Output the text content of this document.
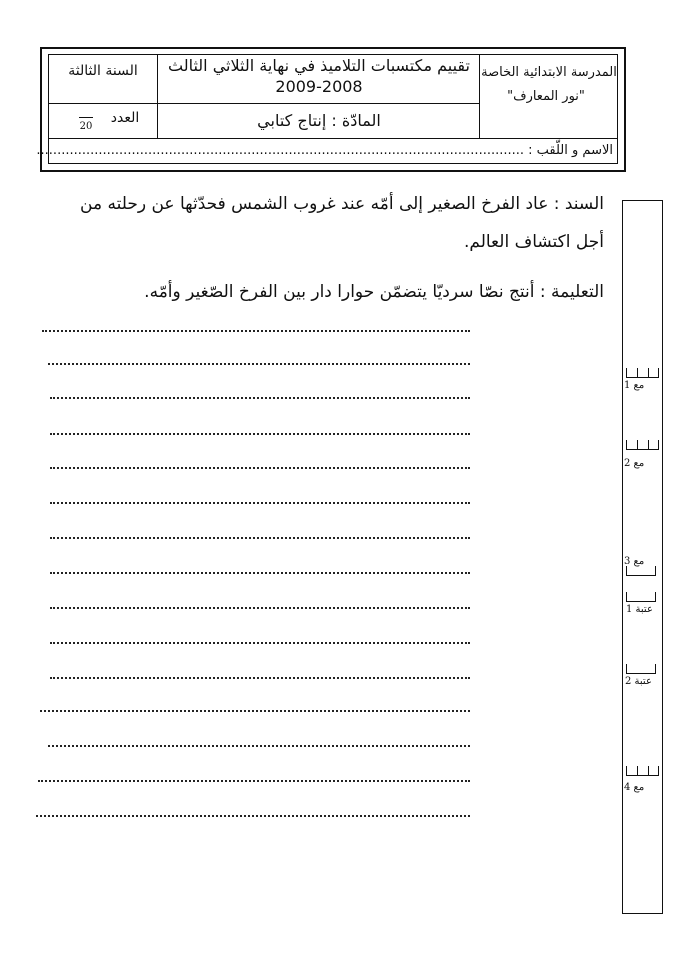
المدرسة الابتدائية الخاصة
"نور المعارف"
تقييم مكتسبات التلاميذ في نهاية الثلاثي الثالث
2009-2008
المادّة : إنتاج كتابي
السنة الثالثة
العدد
20
الاسم و اللّقب : ......................................................................................................................
السند : عاد الفرخ الصغير إلى أمّه عند غروب الشمس فحدّثها عن رحلته من
أجل اكتشاف العالم.
التعليمة : أنتج نصّا سرديّا يتضمّن حوارا دار بين الفرخ الصّغير وأمّه.
مع 1
مع 2
مع 3
عتبة 1
عتبة 2
مع 4
